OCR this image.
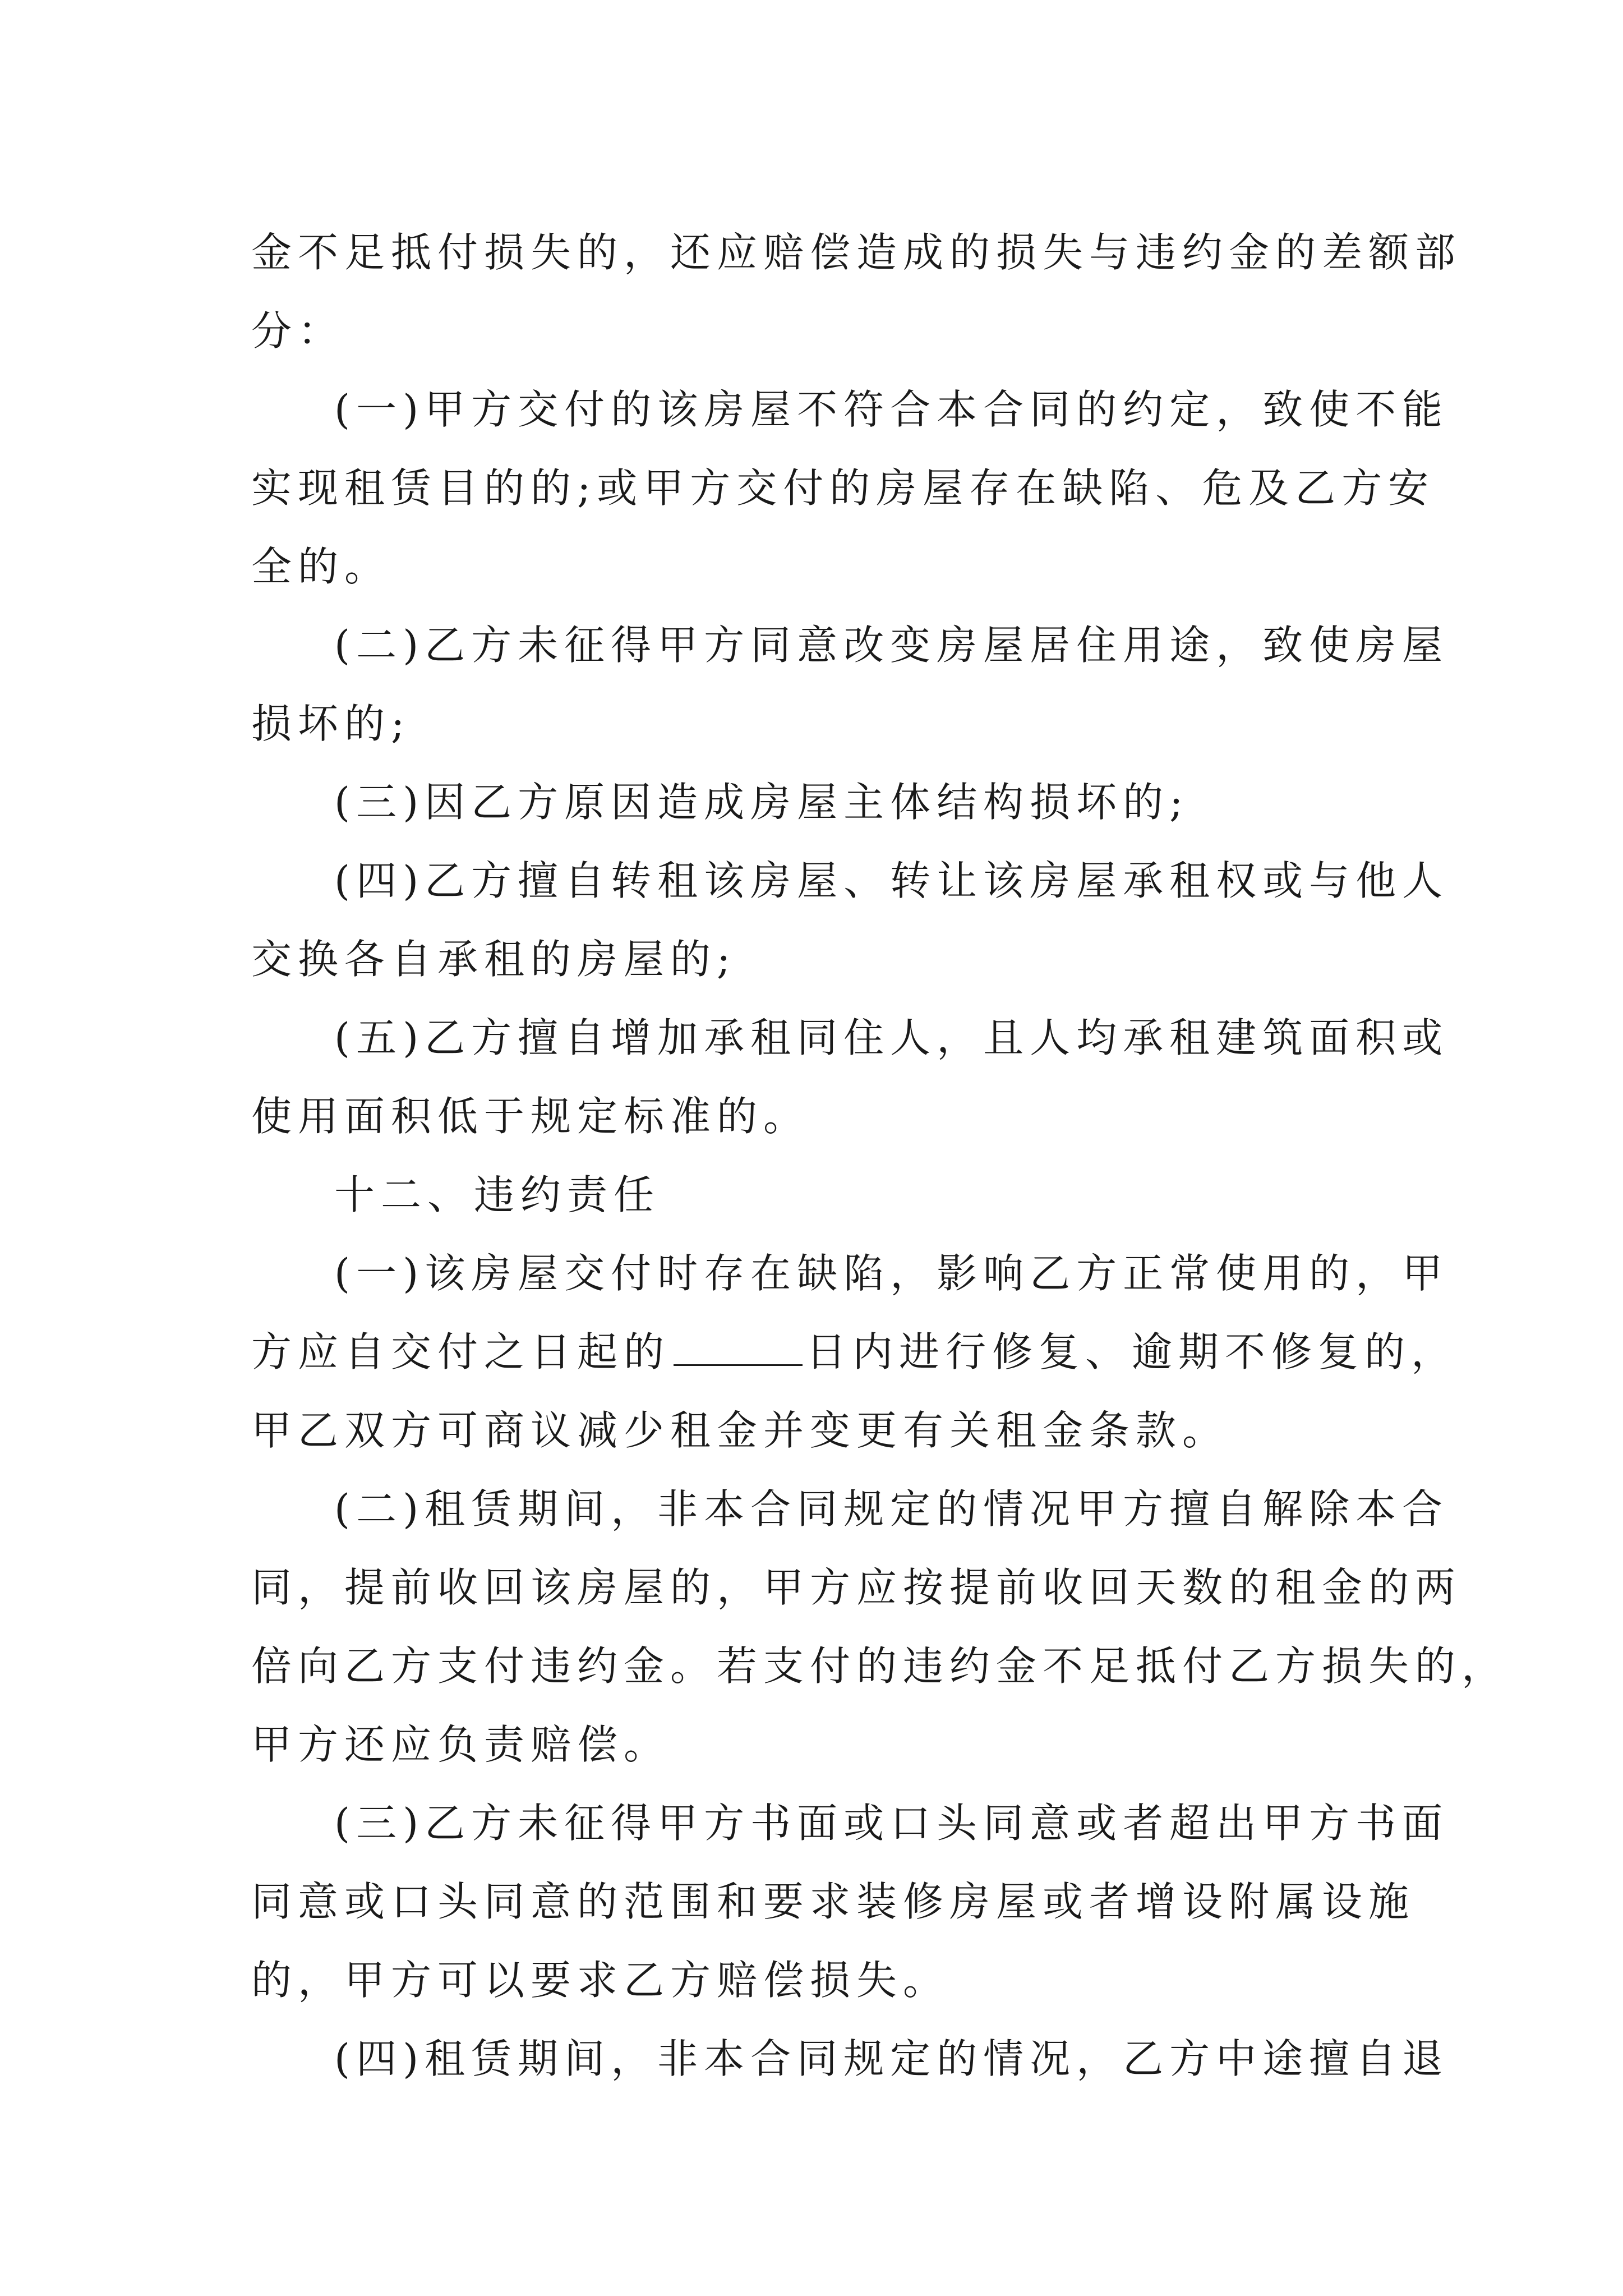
金不足抵付损失的，还应赔偿造成的损失与违约金的差额部
分：
(一)甲方交付的该房屋不符合本合同的约定，致使不能
实现租赁目的的;或甲方交付的房屋存在缺陷、危及乙方安
全的。
(二)乙方未征得甲方同意改变房屋居住用途，致使房屋
损坏的;
(三)因乙方原因造成房屋主体结构损坏的;
(四)乙方擅自转租该房屋、转让该房屋承租权或与他人
交换各自承租的房屋的;
(五)乙方擅自增加承租同住人，且人均承租建筑面积或
使用面积低于规定标准的。
十二、违约责任
(一)该房屋交付时存在缺陷，影响乙方正常使用的，甲
方应自交付之日起的	日内进行修复、逾期不修复的，
甲乙双方可商议减少租金并变更有关租金条款。
(二)租赁期间，非本合同规定的情况甲方擅自解除本合
同，提前收回该房屋的，甲方应按提前收回天数的租金的两
倍向乙方支付违约金。若支付的违约金不足抵付乙方损失的，
甲方还应负责赔偿。
(三)乙方未征得甲方书面或口头同意或者超出甲方书面
同意或口头同意的范围和要求装修房屋或者增设附属设施
的，甲方可以要求乙方赔偿损失。
(四)租赁期间，非本合同规定的情况，乙方中途擅自退
